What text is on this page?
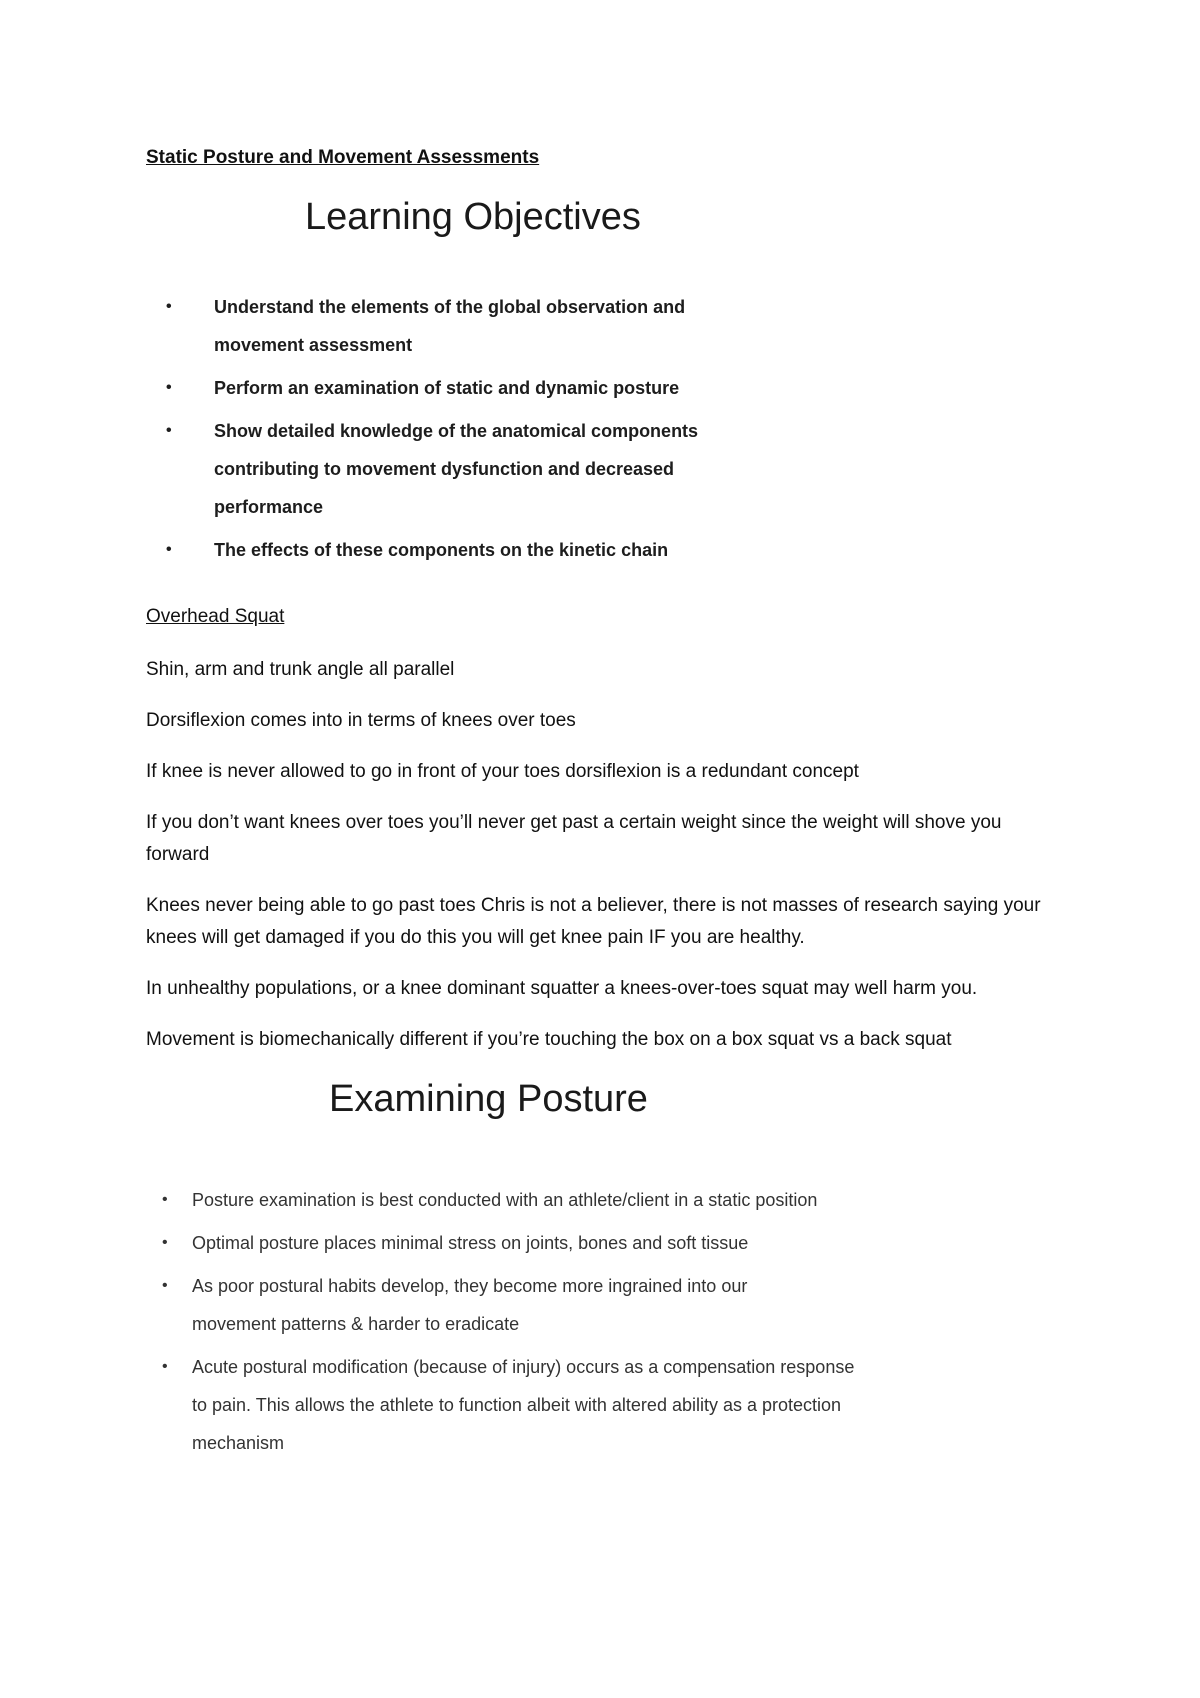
Static Posture and Movement Assessments
Learning Objectives
• Understand the elements of the global observation and movement assessment
• Perform an examination of static and dynamic posture
• Show detailed knowledge of the anatomical components contributing to movement dysfunction and decreased performance
• The effects of these components on the kinetic chain
Overhead Squat

Shin, arm and trunk angle all parallel

Dorsiflexion comes into in terms of knees over toes

If knee is never allowed to go in front of your toes dorsiflexion is a redundant concept

If you don’t want knees over toes you’ll never get past a certain weight since the weight will shove you forward

Knees never being able to go past toes Chris is not a believer, there is not masses of research saying your knees will get damaged if you do this you will get knee pain IF you are healthy.

In unhealthy populations, or a knee dominant squatter a knees-over-toes squat may well harm you.

Movement is biomechanically different if you’re touching the box on a box squat vs a back squat

Examining Posture
• Posture examination is best conducted with an athlete/client in a static position
• Optimal posture places minimal stress on joints, bones and soft tissue
• As poor postural habits develop, they become more ingrained into our movement patterns & harder to eradicate
• Acute postural modification (because of injury) occurs as a compensation response to pain. This allows the athlete to function albeit with altered ability as a protection mechanism
